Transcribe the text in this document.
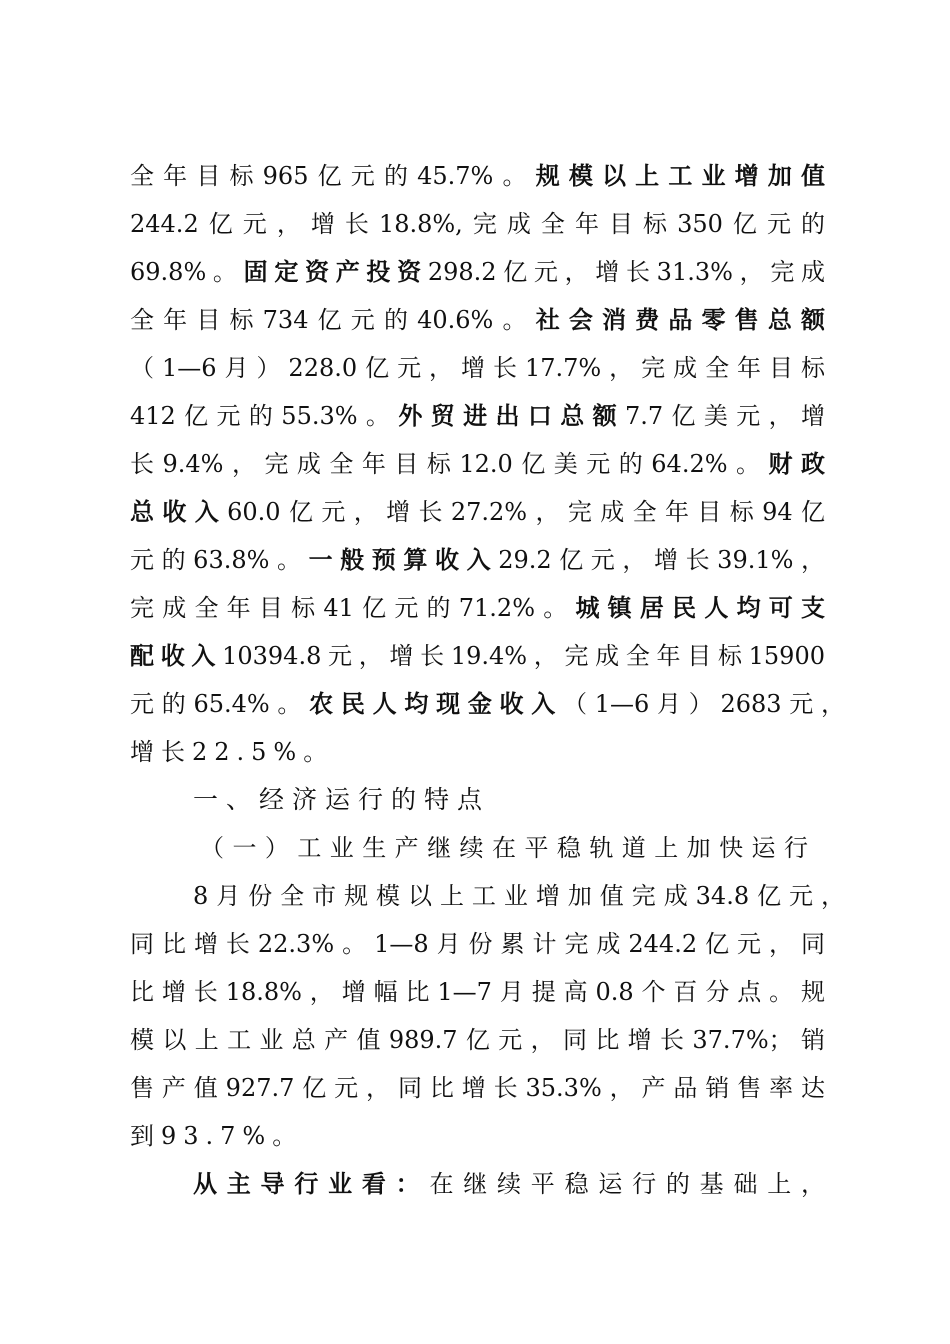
全年目标965亿元的45.7%。规模以上工业增加值
244.2亿元，增长18.8%,完成全年目标350亿元的
69.8%。固定资产投资298.2亿元，增长31.3%，完成
全年目标734亿元的40.6%。社会消费品零售总额
（1—6月）228.0亿元，增长17.7%，完成全年目标
412亿元的55.3%。外贸进出口总额7.7亿美元，增
长9.4%，完成全年目标12.0亿美元的64.2%。财政
总收入60.0亿元，增长27.2%，完成全年目标94亿
元的63.8%。一般预算收入29.2亿元，增长39.1%，
完成全年目标41亿元的71.2%。城镇居民人均可支
配收入10394.8元，增长19.4%，完成全年目标15900
元的65.4%。农民人均现金收入（1—6月）2683元，
增长22.5%。
一、经济运行的特点
（一）工业生产继续在平稳轨道上加快运行
8月份全市规模以上工业增加值完成34.8亿元，
同比增长22.3%。1—8月份累计完成244.2亿元，同
比增长18.8%，增幅比1—7月提高0.8个百分点。规
模以上工业总产值989.7亿元，同比增长37.7%；销
售产值927.7亿元，同比增长35.3%，产品销售率达
到93.7%。
从主导行业看：在继续平稳运行的基础上，
